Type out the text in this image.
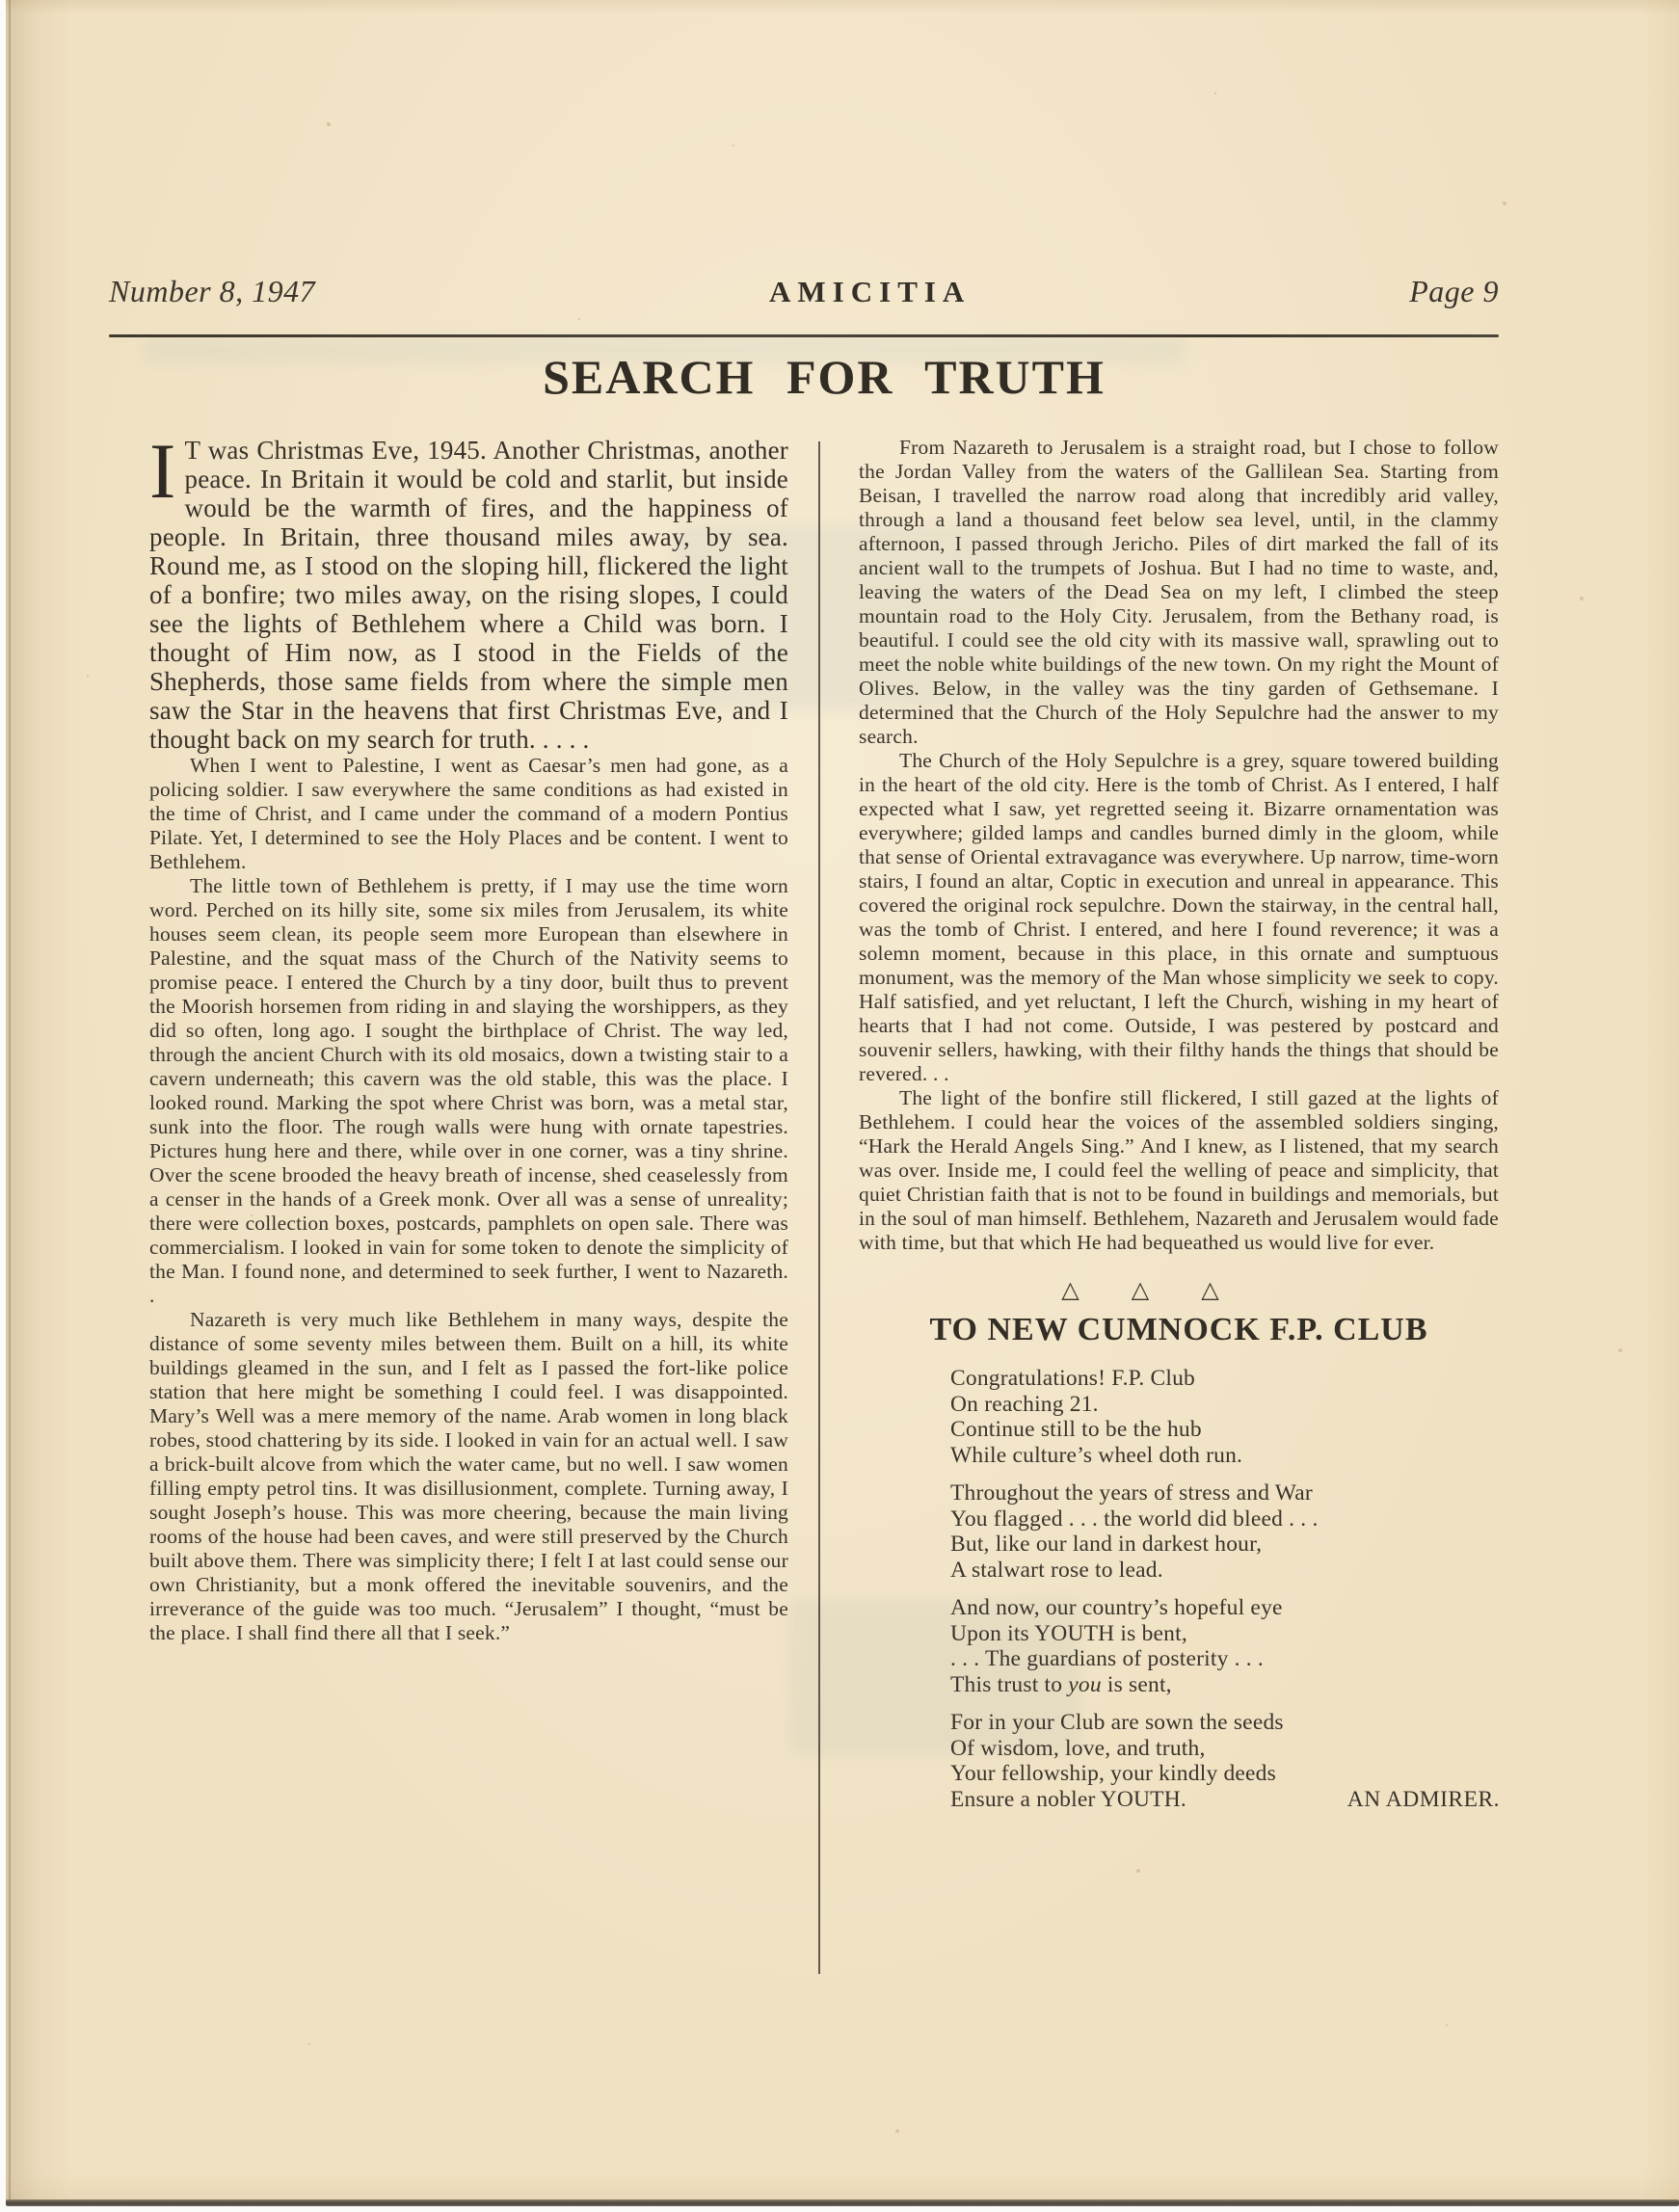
Number 8, 1947	AMICITIA	Page 9
SEARCH FOR TRUTH

I T was Christmas Eve, 1945. Another Christmas, another peace. In Britain it would be cold and starlit, but inside would be the warmth of fires, and the happiness of people. In Britain, three thousand miles away, by sea. Round me, as I stood on the sloping hill, flickered the light of a bonfire; two miles away, on the rising slopes, I could see the lights of Bethlehem where a Child was born. I thought of Him now, as I stood in the Fields of the Shepherds, those same fields from where the simple men saw the Star in the heavens that first Christmas Eve, and I thought back on my search for truth. . . . .

When I went to Palestine, I went as Caesar’s men had gone, as a policing soldier. I saw everywhere the same conditions as had existed in the time of Christ, and I came under the command of a modern Pontius Pilate. Yet, I determined to see the Holy Places and be content. I went to Bethlehem.

The little town of Bethlehem is pretty, if I may use the time worn word. Perched on its hilly site, some six miles from Jerusalem, its white houses seem clean, its people seem more European than elsewhere in Palestine, and the squat mass of the Church of the Nativity seems to promise peace. I entered the Church by a tiny door, built thus to prevent the Moorish horsemen from riding in and slaying the worshippers, as they did so often, long ago. I sought the birthplace of Christ. The way led, through the ancient Church with its old mosaics, down a twisting stair to a cavern underneath; this cavern was the old stable, this was the place. I looked round. Marking the spot where Christ was born, was a metal star, sunk into the floor. The rough walls were hung with ornate tapestries. Pictures hung here and there, while over in one corner, was a tiny shrine. Over the scene brooded the heavy breath of incense, shed ceaselessly from a censer in the hands of a Greek monk. Over all was a sense of unreality; there were collection boxes, postcards, pamphlets on open sale. There was commercialism. I looked in vain for some token to denote the simplicity of the Man. I found none, and determined to seek further, I went to Nazareth. .

Nazareth is very much like Bethlehem in many ways, despite the distance of some seventy miles between them. Built on a hill, its white buildings gleamed in the sun, and I felt as I passed the fort-like police station that here might be something I could feel. I was disappointed. Mary’s Well was a mere memory of the name. Arab women in long black robes, stood chattering by its side. I looked in vain for an actual well. I saw a brick-built alcove from which the water came, but no well. I saw women filling empty petrol tins. It was disillusionment, complete. Turning away, I sought Joseph’s house. This was more cheering, because the main living rooms of the house had been caves, and were still preserved by the Church built above them. There was simplicity there; I felt I at last could sense our own Christianity, but a monk offered the inevitable souvenirs, and the irreverance of the guide was too much. “Jerusalem” I thought, “must be the place. I shall find there all that I seek.”

From Nazareth to Jerusalem is a straight road, but I chose to follow the Jordan Valley from the waters of the Gallilean Sea. Starting from Beisan, I travelled the narrow road along that incredibly arid valley, through a land a thousand feet below sea level, until, in the clammy afternoon, I passed through Jericho. Piles of dirt marked the fall of its ancient wall to the trumpets of Joshua. But I had no time to waste, and, leaving the waters of the Dead Sea on my left, I climbed the steep mountain road to the Holy City. Jerusalem, from the Bethany road, is beautiful. I could see the old city with its massive wall, sprawling out to meet the noble white buildings of the new town. On my right the Mount of Olives. Below, in the valley was the tiny garden of Gethsemane. I determined that the Church of the Holy Sepulchre had the answer to my search.

The Church of the Holy Sepulchre is a grey, square towered building in the heart of the old city. Here is the tomb of Christ. As I entered, I half expected what I saw, yet regretted seeing it. Bizarre ornamentation was everywhere; gilded lamps and candles burned dimly in the gloom, while that sense of Oriental extravagance was everywhere. Up narrow, time-worn stairs, I found an altar, Coptic in execution and unreal in appearance. This covered the original rock sepulchre. Down the stairway, in the central hall, was the tomb of Christ. I entered, and here I found reverence; it was a solemn moment, because in this place, in this ornate and sumptuous monument, was the memory of the Man whose simplicity we seek to copy. Half satisfied, and yet reluctant, I left the Church, wishing in my heart of hearts that I had not come. Outside, I was pestered by postcard and souvenir sellers, hawking, with their filthy hands the things that should be revered. . .

The light of the bonfire still flickered, I still gazed at the lights of Bethlehem. I could hear the voices of the assembled soldiers singing, “Hark the Herald Angels Sing.” And I knew, as I listened, that my search was over. Inside me, I could feel the welling of peace and simplicity, that quiet Christian faith that is not to be found in buildings and memorials, but in the soul of man himself. Bethlehem, Nazareth and Jerusalem would fade with time, but that which He had bequeathed us would live for ever.

△ △ △
TO NEW CUMNOCK F.P. CLUB
Congratulations! F.P. Club
On reaching 21.
Continue still to be the hub
While culture’s wheel doth run.
Throughout the years of stress and War
You flagged . . . the world did bleed . . .
But, like our land in darkest hour,
A stalwart rose to lead.
And now, our country’s hopeful eye
Upon its YOUTH is bent,
. . . The guardians of posterity . . .
This trust to you is sent,
For in your Club are sown the seeds
Of wisdom, love, and truth,
Your fellowship, your kindly deeds
Ensure a nobler YOUTH.	AN ADMIRER.
